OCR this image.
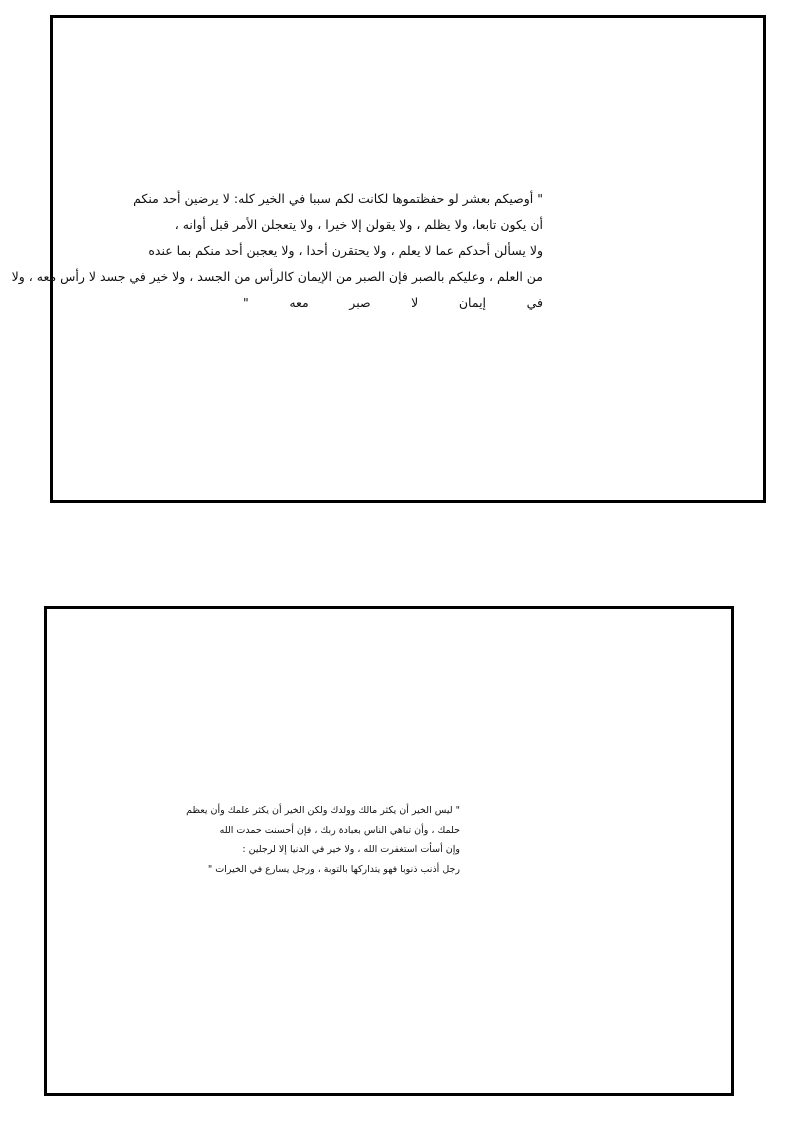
" أوصيكم بعشر لو حفظتموها لكانت لكم سببا في الخير كله: لا يرضين أحد منكم
أن يكون تابعا، ولا يظلم ، ولا يقولن إلا خيرا ، ولا يتعجلن الأمر قبل أوانه ،
ولا يسألن أحدكم عما لا يعلم ، ولا يحتقرن أحدا ، ولا يعجبن أحد منكم بما عنده
من العلم ، وعليكم بالصبر فإن الصبر من الإيمان كالرأس من الجسد ، ولا خير في جسد لا رأس معه ، ولا
في إيمان لا صبر معه "
" ليس الخير أن يكثر مالك وولدك ولكن الخير أن يكثر علمك وأن يعظم
حلمك ، وأن تباهي الناس بعبادة ربك ، فإن أحسنت حمدت الله
وإن أسأت استغفرت الله ، ولا خير في الدنيا إلا لرجلين :
رجل أذنب ذنوبا فهو يتداركها بالتوبة ، ورجل يسارع في الخيرات "
